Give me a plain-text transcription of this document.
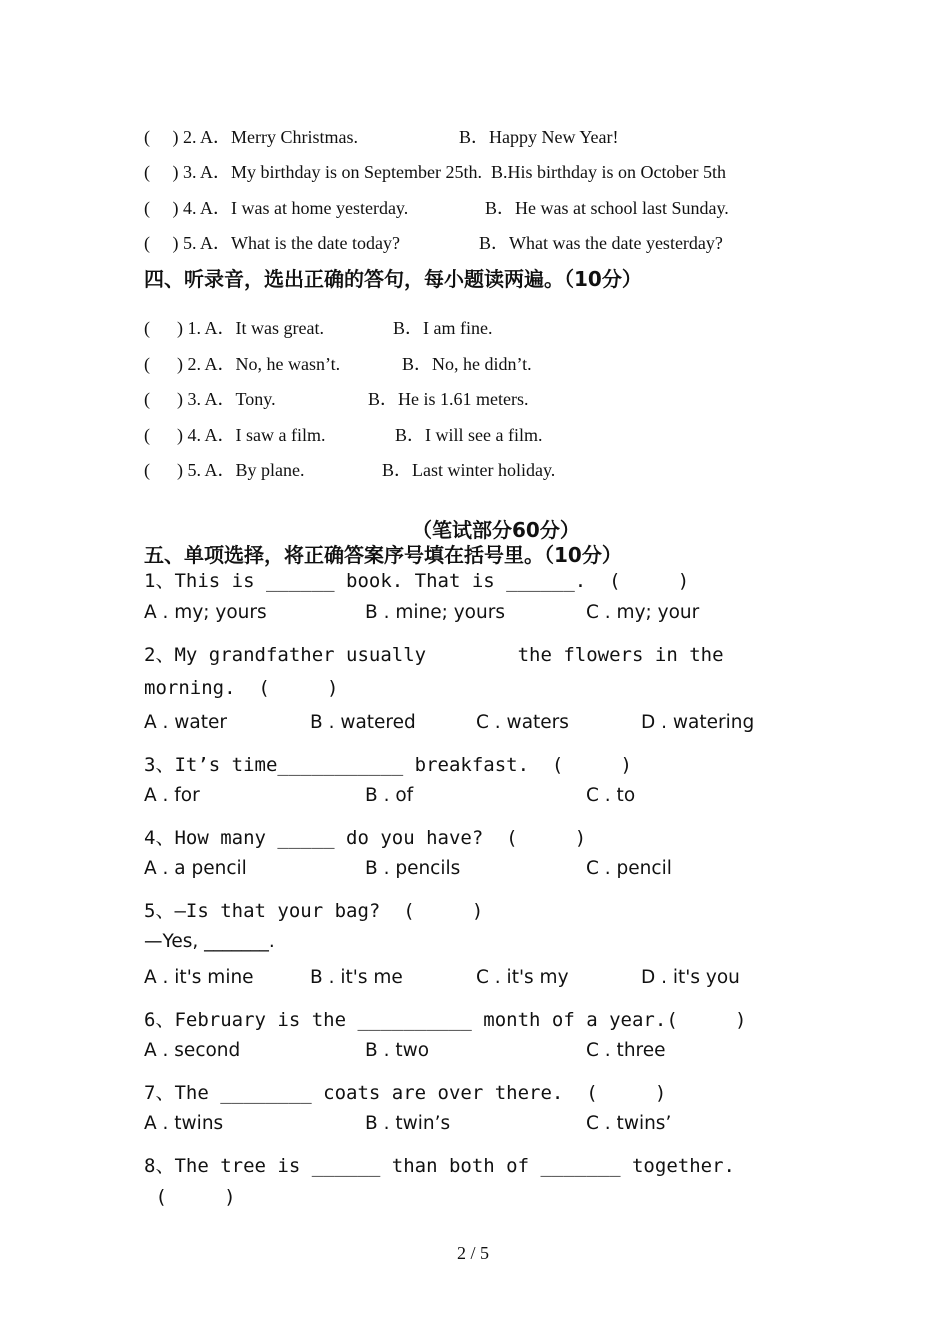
(     ) 2. A．Merry Christmas.	B．Happy New Year!
(     ) 3. A．My birthday is on September 25th.  B.His birthday is on October 5th
(     ) 4. A．I was at home yesterday.	B．He was at school last Sunday.
(     ) 5. A．What is the date today?	B．What was the date yesterday?
四、听录音，选出正确的答句，每小题读两遍。（10分）
(      ) 1. A．It was great.	B．I am fine.
(      ) 2. A．No, he wasn’t.	B．No, he didn’t.
(      ) 3. A．Tony.	B．He is 1.61 meters.
(      ) 4. A．I saw a film.	B．I will see a film.
(      ) 5. A．By plane.	B．Last winter holiday.
（笔试部分60分）
五、单项选择，将正确答案序号填在括号里。（10分）
1、This is ______ book. That is ______.  (     )
A . my; yours	B . mine; yours	C . my; your
2、My grandfather usually        the flowers in the
morning.  (     )
A . water	B . watered	C . waters	D . watering
3、It’s time___________ breakfast.  (     )
A . for	B . of	C . to
4、How many _____ do you have?  (     )
A . a pencil	B . pencils	C . pencil
5、—Is that your bag?  (     )
—Yes, _______.
A . it's mine	B . it's me	C . it's my	D . it's you
6、February is the __________ month of a year.(     )
A . second	B . two	C . three
7、The ________ coats are over there.  (     )
A . twins	B . twin’s	C . twins’
8、The tree is ______ than both of _______ together.
(     )
2 / 5
